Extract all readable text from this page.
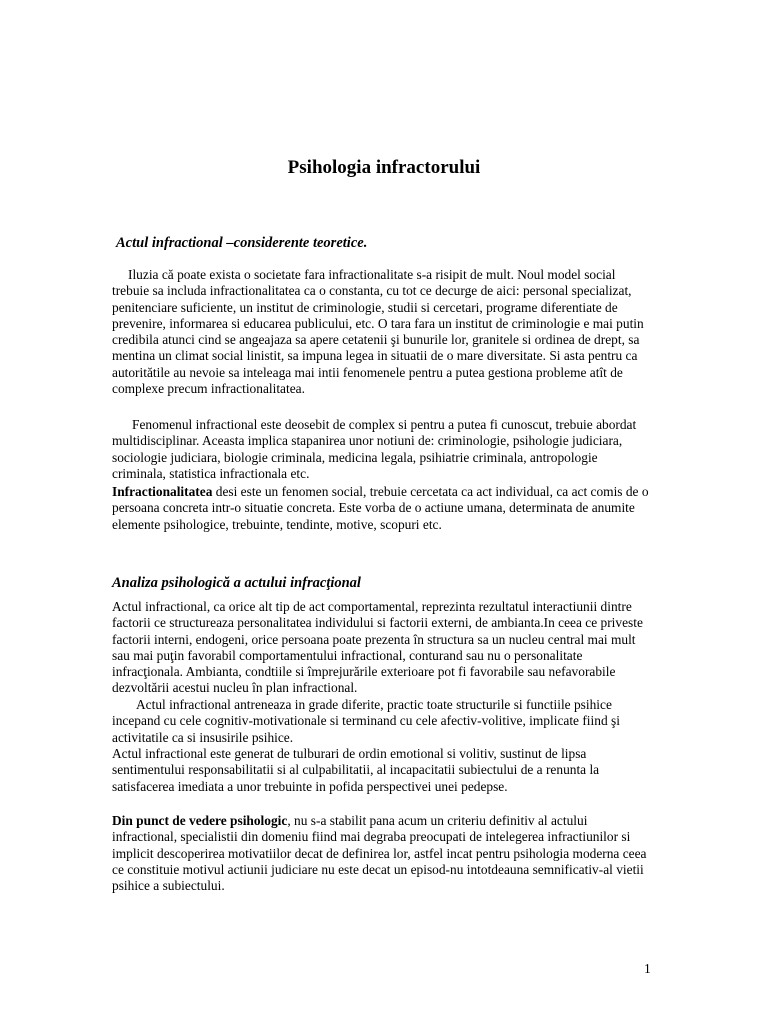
Psihologia infractorului
Actul infractional –considerente teoretice.

Iluzia că poate exista o societate fara infractionalitate s-a risipit de mult. Noul model social trebuie sa includa infractionalitatea ca o constanta, cu tot ce decurge de aici: personal specializat, penitenciare suficiente, un institut de criminologie, studii si cercetari, programe diferentiate de prevenire, informarea si educarea publicului, etc. O tara fara un institut de criminologie e mai putin credibila atunci cind se angeajaza sa apere cetatenii şi bunurile lor, granitele si ordinea de drept, sa mentina un climat social linistit, sa impuna legea in situatii de o mare diversitate. Si asta pentru ca autoritătile au nevoie sa inteleaga mai intii fenomenele pentru a putea gestiona probleme atît de complexe precum infractionalitatea.

Fenomenul infractional este deosebit de complex si pentru a putea fi cunoscut, trebuie abordat multidisciplinar. Aceasta implica stapanirea unor notiuni de: criminologie, psihologie judiciara, sociologie judiciara, biologie criminala, medicina legala, psihiatrie criminala, antropologie criminala, statistica infractionala etc.

Infractionalitatea desi este un fenomen social, trebuie cercetata ca act individual, ca act comis de o persoana concreta intr-o situatie concreta. Este vorba de o actiune umana, determinata de anumite elemente psihologice, trebuinte, tendinte, motive, scopuri etc.

Analiza psihologică a actului infracţional

Actul infractional, ca orice alt tip de act comportamental, reprezinta rezultatul interactiunii dintre factorii ce structureaza personalitatea individului si factorii externi, de ambianta.In ceea ce priveste factorii interni, endogeni, orice persoana poate prezenta în structura sa un nucleu central mai mult sau mai puţin favorabil comportamentului infractional, conturand sau nu o personalitate infracţionala. Ambianta, condtiile si împrejurările exterioare pot fi favorabile sau nefavorabile dezvoltării acestui nucleu în plan infractional.

Actul infractional antreneaza in grade diferite, practic toate structurile si functiile psihice incepand cu cele cognitiv-motivationale si terminand cu cele afectiv-volitive, implicate fiind şi activitatile ca si insusirile psihice.

Actul infractional este generat de tulburari de ordin emotional si volitiv, sustinut de lipsa sentimentului responsabilitatii si al culpabilitatii, al incapacitatii subiectului de a renunta la satisfacerea imediata a unor trebuinte in pofida perspectivei unei pedepse.

Din punct de vedere psihologic, nu s-a stabilit pana acum un criteriu definitiv al actului infractional, specialistii din domeniu fiind mai degraba preocupati de intelegerea infractiunilor si implicit descoperirea motivatiilor decat de definirea lor, astfel incat pentru psihologia moderna ceea ce constituie motivul actiunii judiciare nu este decat un episod-nu intotdeauna semnificativ-al vietii psihice a subiectului.

1
